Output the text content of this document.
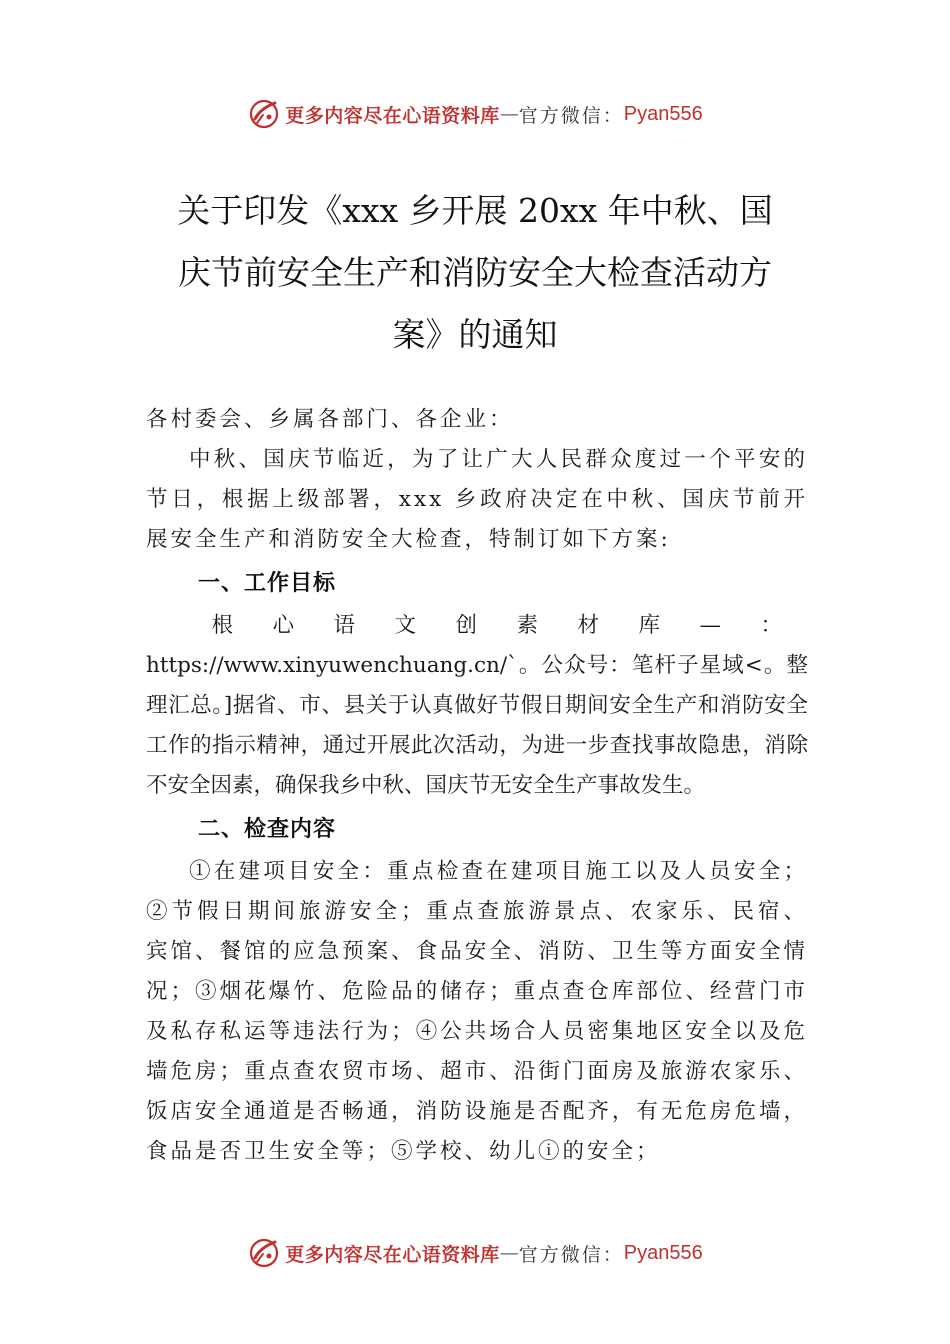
更多内容尽在心语资料库 — 官方微信： Pyan556
关于印发《xxx 乡开展 20xx 年中秋、国
庆节前安全生产和消防安全大检查活动方
案》的通知

各村委会、乡属各部门、各企业：

中秋、国庆节临近，为了让广大人民群众度过一个平安的节日，根据上级部署，xxx 乡政府决定在中秋、国庆节前开展安全生产和消防安全大检查，特制订如下方案:

一、工作目标

根心语文创素材库—：https://www.xinyuwenchuang.cn/`。公众号：笔杆子星域<。整理汇总。]据省、市、县关于认真做好节假日期间安全生产和消防安全工作的指示精神，通过开展此次活动，为进一步查找事故隐患，消除不安全因素，确保我乡中秋、国庆节无安全生产事故发生。

二、检查内容

①在建项目安全：重点检查在建项目施工以及人员安全；②节假日期间旅游安全；重点查旅游景点、农家乐、民宿、 宾馆、餐馆的应急预案、食品安全、消防、卫生等方面安全情况；③烟花爆竹、危险品的储存；重点查仓库部位、经营门市及私存私运等违法行为；④公共场合人员密集地区安全以及危墙危房；重点查农贸市场、超市、沿街门面房及旅游农家乐、饭店安全通道是否畅通，消防设施是否配齐，有无危房危墙，食品是否卫生安全等；⑤学校、幼儿ⓘ的安全；

更多内容尽在心语资料库 — 官方微信： Pyan556
